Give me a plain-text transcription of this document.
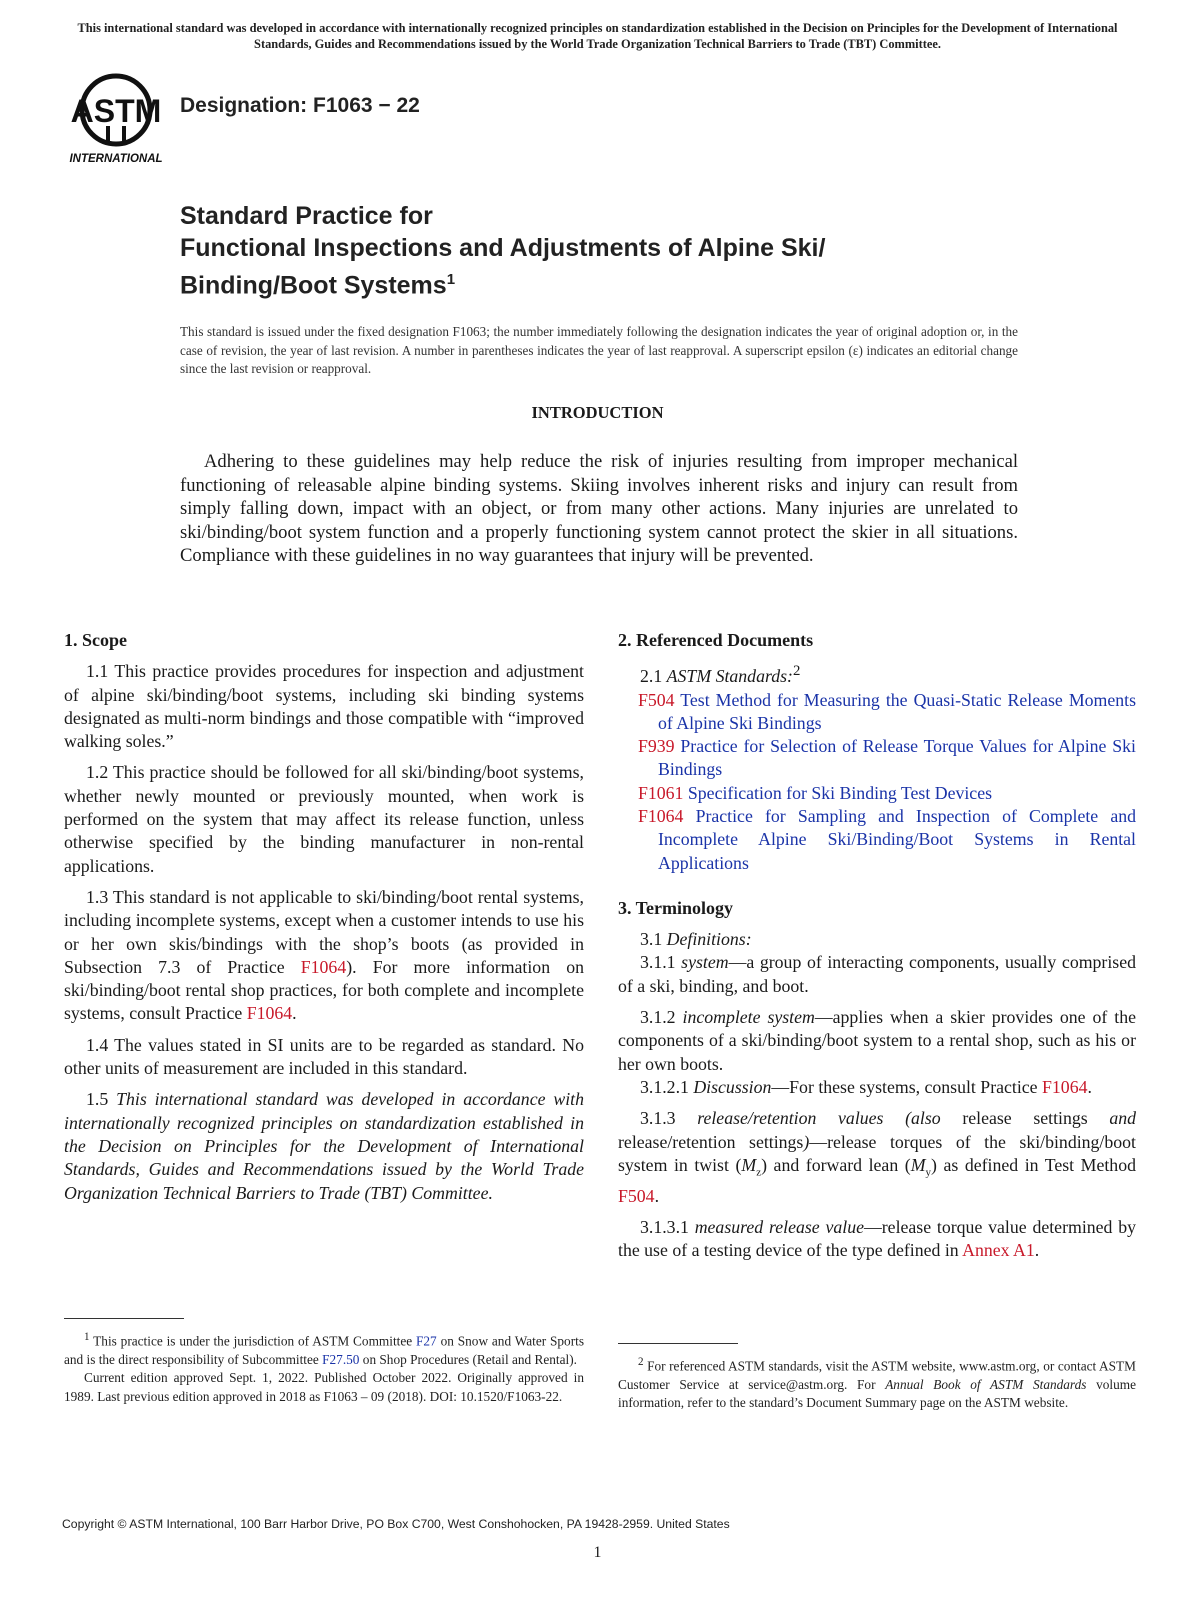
This international standard was developed in accordance with internationally recognized principles on standardization established in the Decision on Principles for the Development of International Standards, Guides and Recommendations issued by the World Trade Organization Technical Barriers to Trade (TBT) Committee.
ASTM
INTERNATIONAL
Designation: F1063 − 22
Standard Practice for
Functional Inspections and Adjustments of Alpine Ski/
Binding/Boot Systems$^1$
This standard is issued under the fixed designation F1063; the number immediately following the designation indicates the year of original adoption or, in the case of revision, the year of last revision. A number in parentheses indicates the year of last reapproval. A superscript epsilon (ε) indicates an editorial change since the last revision or reapproval.
INTRODUCTION
Adhering to these guidelines may help reduce the risk of injuries resulting from improper mechanical functioning of releasable alpine binding systems. Skiing involves inherent risks and injury can result from simply falling down, impact with an object, or from many other actions. Many injuries are unrelated to ski/binding/boot system function and a properly functioning system cannot protect the skier in all situations. Compliance with these guidelines in no way guarantees that injury will be prevented.
1. Scope

1.1 This practice provides procedures for inspection and adjustment of alpine ski/binding/boot systems, including ski binding systems designated as multi-norm bindings and those compatible with “improved walking soles.”

1.2 This practice should be followed for all ski/binding/boot systems, whether newly mounted or previously mounted, when work is performed on the system that may affect its release function, unless otherwise specified by the binding manufacturer in non-rental applications.

1.3 This standard is not applicable to ski/binding/boot rental systems, including incomplete systems, except when a customer intends to use his or her own skis/bindings with the shop’s boots (as provided in Subsection 7.3 of Practice F1064). For more information on ski/binding/boot rental shop practices, for both complete and incomplete systems, consult Practice F1064.

1.4 The values stated in SI units are to be regarded as standard. No other units of measurement are included in this standard.

1.5 This international standard was developed in accordance with internationally recognized principles on standardization established in the Decision on Principles for the Development of International Standards, Guides and Recommendations issued by the World Trade Organization Technical Barriers to Trade (TBT) Committee.

$^1$ This practice is under the jurisdiction of ASTM Committee F27 on Snow and Water Sports and is the direct responsibility of Subcommittee F27.50 on Shop Procedures (Retail and Rental).

Current edition approved Sept. 1, 2022. Published October 2022. Originally approved in 1989. Last previous edition approved in 2018 as F1063 – 09 (2018). DOI: 10.1520/F1063-22.

2. Referenced Documents

2.1 ASTM Standards:$^2$

F504 Test Method for Measuring the Quasi-Static Release Moments of Alpine Ski Bindings

F939 Practice for Selection of Release Torque Values for Alpine Ski Bindings

F1061 Specification for Ski Binding Test Devices

F1064 Practice for Sampling and Inspection of Complete and Incomplete Alpine Ski/Binding/Boot Systems in Rental Applications

3. Terminology

3.1 Definitions:

3.1.1 system—a group of interacting components, usually comprised of a ski, binding, and boot.

3.1.2 incomplete system—applies when a skier provides one of the components of a ski/binding/boot system to a rental shop, such as his or her own boots.

3.1.2.1 Discussion—For these systems, consult Practice F1064.

3.1.3 release/retention values (also release settings and release/retention settings)—release torques of the ski/binding/boot system in twist $(M_z)$ and forward lean $(M_y)$ as defined in Test Method F504.

3.1.3.1 measured release value—release torque value determined by the use of a testing device of the type defined in Annex A1.

$^2$ For referenced ASTM standards, visit the ASTM website, www.astm.org, or contact ASTM Customer Service at service@astm.org. For Annual Book of ASTM Standards volume information, refer to the standard’s Document Summary page on the ASTM website.

Copyright © ASTM International, 100 Barr Harbor Drive, PO Box C700, West Conshohocken, PA 19428-2959. United States
1
